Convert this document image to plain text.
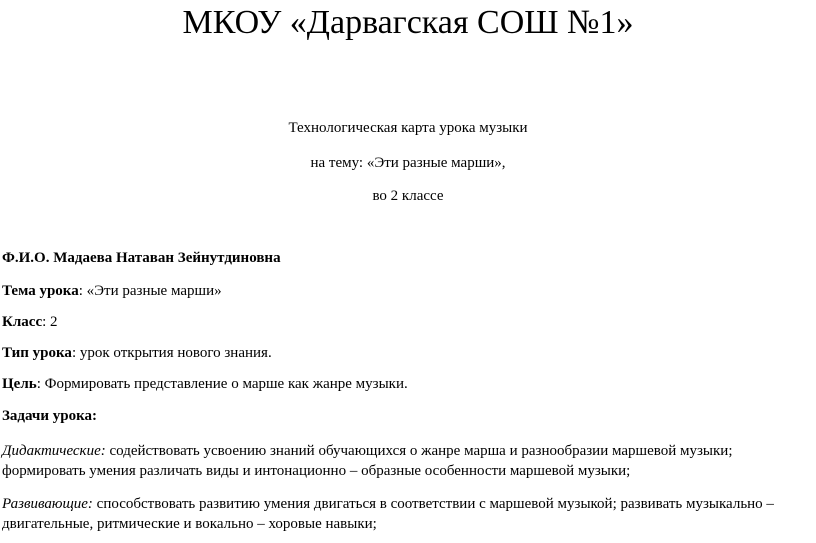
МКОУ «Дарвагская СОШ №1»
Технологическая карта урока музыки
на тему: «Эти разные марши»,
во 2 классе
Ф.И.О. Мадаева Натаван Зейнутдиновна
Тема урока: «Эти разные марши»
Класс: 2
Тип урока: урок открытия нового знания.
Цель: Формировать представление о марше как жанре музыки.
Задачи урока:
Дидактические: содействовать усвоению знаний обучающихся о жанре марша и разнообразии маршевой музыки;
формировать умения различать виды и интонационно – образные особенности маршевой музыки;
Развивающие: способствовать развитию умения двигаться в соответствии с маршевой музыкой; развивать музыкально –
двигательные, ритмические и вокально – хоровые навыки;
